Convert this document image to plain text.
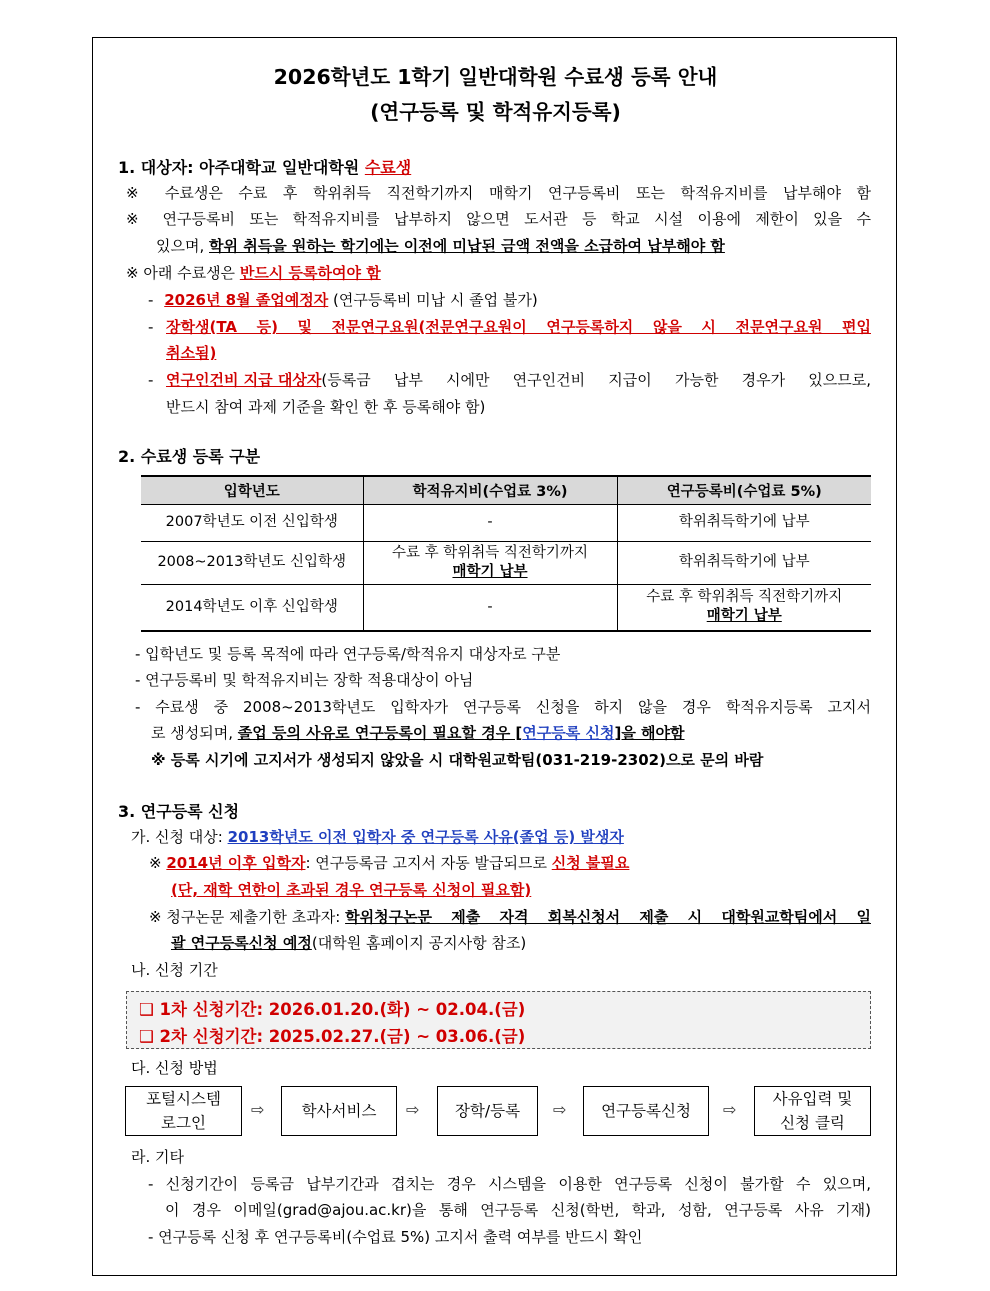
2026학년도 1학기 일반대학원 수료생 등록 안내
(연구등록 및 학적유지등록)
1. 대상자: 아주대학교 일반대학원 수료생
※ 수료생은 수료 후 학위취득 직전학기까지 매학기 연구등록비 또는 학적유지비를 납부해야 함
※ 연구등록비 또는 학적유지비를 납부하지 않으면 도서관 등 학교 시설 이용에 제한이 있을 수
있으며, 학위 취득을 원하는 학기에는 이전에 미납된 금액 전액을 소급하여 납부해야 함
※ 아래 수료생은 반드시 등록하여야 함
- 2026년 8월 졸업예정자 (연구등록비 미납 시 졸업 불가)
- 장학생(TA 등) 및 전문연구요원(전문연구요원이 연구등록하지 않을 시 전문연구요원 편입
취소됨)
- 연구인건비 지급 대상자 (등록금 납부 시에만 연구인건비 지급이 가능한 경우가 있으므로,
반드시 참여 과제 기준을 확인 한 후 등록해야 함)
2. 수료생 등록 구분
입학년도	학적유지비(수업료 3%)	연구등록비(수업료 5%)
2007학년도 이전 신입학생	-	학위취득학기에 납부
2008~2013학년도 신입학생	수료 후 학위취득 직전학기까지
매학기 납부	학위취득학기에 납부
2014학년도 이후 신입학생	-	수료 후 학위취득 직전학기까지
매학기 납부
- 입학년도 및 등록 목적에 따라 연구등록/학적유지 대상자로 구분
- 연구등록비 및 학적유지비는 장학 적용대상이 아님
- 수료생 중 2008~2013학년도 입학자가 연구등록 신청을 하지 않을 경우 학적유지등록 고지서
로 생성되며, 졸업 등의 사유로 연구등록이 필요할 경우 [연구등록 신청]을 해야함
※ 등록 시기에 고지서가 생성되지 않았을 시 대학원교학팀(031-219-2302)으로 문의 바람
3. 연구등록 신청
가. 신청 대상: 2013학년도 이전 입학자 중 연구등록 사유(졸업 등) 발생자
※ 2014년 이후 입학자: 연구등록금 고지서 자동 발급되므로 신청 불필요
(단, 재학 연한이 초과된 경우 연구등록 신청이 필요함)
※ 청구논문 제출기한 초과자: 학위청구논문 제출 자격 회복신청서 제출 시 대학원교학팀에서 일
괄 연구등록신청 예정(대학원 홈페이지 공지사항 참조)
나. 신청 기간
❑ 1차 신청기간: 2026.01.20.(화) ~ 02.04.(금)
❑ 2차 신청기간: 2025.02.27.(금) ~ 03.06.(금)
다. 신청 방법
포털시스템
로그인
⇨ 학사서비스 ⇨ 장학/등록 ⇨ 연구등록신청 ⇨
사유입력 및
신청 클릭
라. 기타
- 신청기간이 등록금 납부기간과 겹치는 경우 시스템을 이용한 연구등록 신청이 불가할 수 있으며,
이 경우 이메일(grad@ajou.ac.kr)을 통해 연구등록 신청(학번, 학과, 성함, 연구등록 사유 기재)
- 연구등록 신청 후 연구등록비(수업료 5%) 고지서 출력 여부를 반드시 확인
